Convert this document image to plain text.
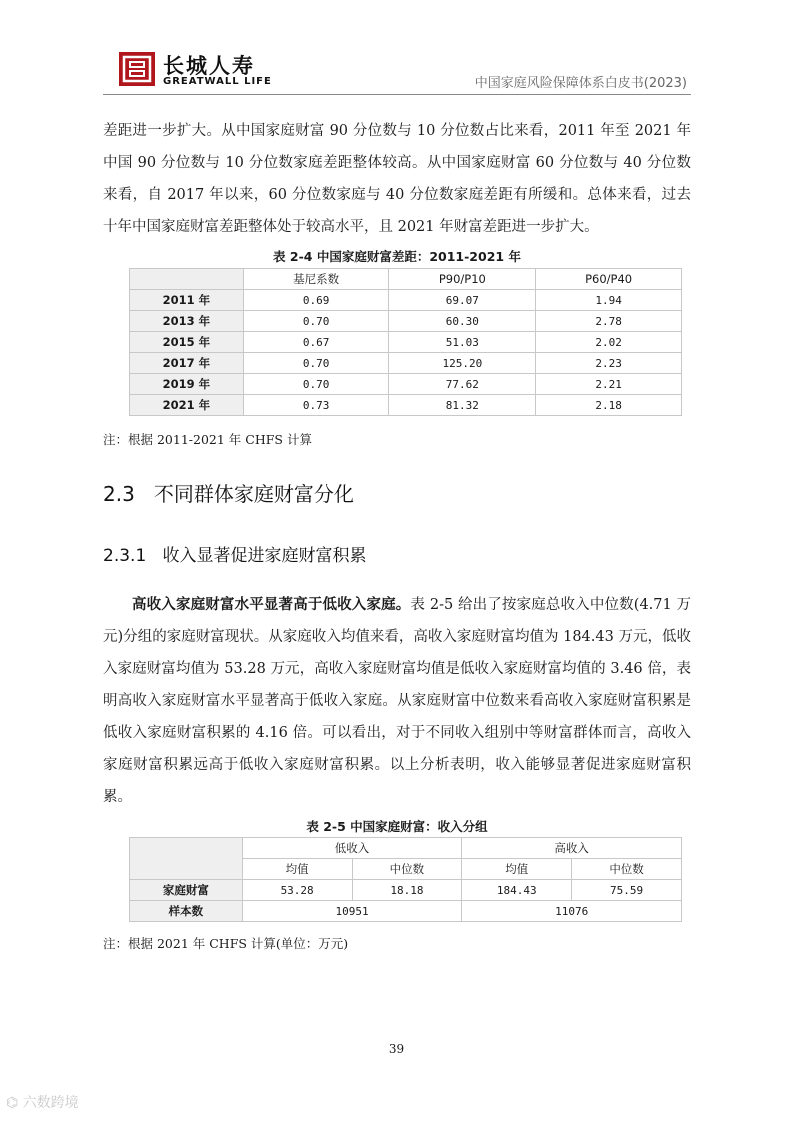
长城人寿
GREATWALL LIFE	中国家庭风险保障体系白皮书(2023)

差距进一步扩大。从中国家庭财富 90 分位数与 10 分位数占比来看，2011 年至 2021 年中国 90 分位数与 10 分位数家庭差距整体较高。从中国家庭财富 60 分位数与 40 分位数来看，自 2017 年以来，60 分位数家庭与 40 分位数家庭差距有所缓和。总体来看，过去十年中国家庭财富差距整体处于较高水平，且 2021 年财富差距进一步扩大。

表 2-4 中国家庭财富差距：2011-2021 年
	基尼系数	P90/P10	P60/P40
2011 年	0.69	69.07	1.94
2013 年	0.70	60.30	2.78
2015 年	0.67	51.03	2.02
2017 年	0.70	125.20	2.23
2019 年	0.70	77.62	2.21
2021 年	0.73	81.32	2.18
注：根据 2011-2021 年 CHFS 计算
2.3 不同群体家庭财富分化
2.3.1 收入显著促进家庭财富积累

高收入家庭财富水平显著高于低收入家庭。表 2-5 给出了按家庭总收入中位数(4.71 万元)分组的家庭财富现状。从家庭收入均值来看，高收入家庭财富均值为 184.43 万元，低收入家庭财富均值为 53.28 万元，高收入家庭财富均值是低收入家庭财富均值的 3.46 倍，表明高收入家庭财富水平显著高于低收入家庭。从家庭财富中位数来看高收入家庭财富积累是低收入家庭财富积累的 4.16 倍。可以看出，对于不同收入组别中等财富群体而言，高收入家庭财富积累远高于低收入家庭财富积累。以上分析表明，收入能够显著促进家庭财富积累。

表 2-5 中国家庭财富：收入分组
	低收入		高收入	
	均值	中位数	均值	中位数
家庭财富	53.28	18.18	184.43	75.59
样本数	10951		11076	
注：根据 2021 年 CHFS 计算(单位：万元)
39
⌬ 六数跨境
